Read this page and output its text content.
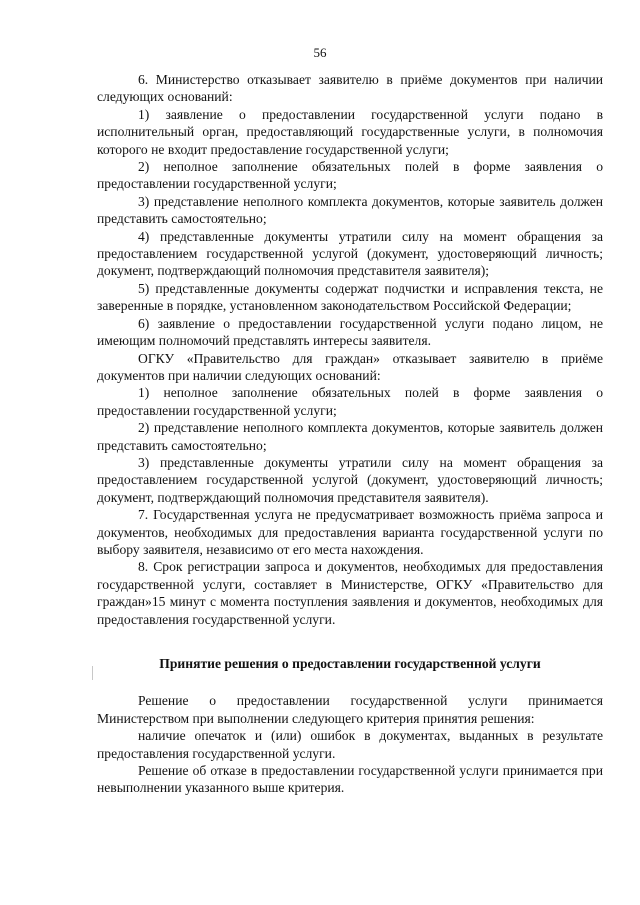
56

6. Министерство отказывает заявителю в приёме документов при наличии следующих оснований:

1) заявление о предоставлении государственной услуги подано в исполнительный орган, предоставляющий государственные услуги, в полномочия которого не входит предоставление государственной услуги;

2) неполное заполнение обязательных полей в форме заявления о предоставлении государственной услуги;

3) представление неполного комплекта документов, которые заявитель должен представить самостоятельно;

4) представленные документы утратили силу на момент обращения за предоставлением государственной услугой (документ, удостоверяющий личность; документ, подтверждающий полномочия представителя заявителя);

5) представленные документы содержат подчистки и исправления текста, не заверенные в порядке, установленном законодательством Российской Федерации;

6) заявление о предоставлении государственной услуги подано лицом, не имеющим полномочий представлять интересы заявителя.

ОГКУ «Правительство для граждан» отказывает заявителю в приёме документов при наличии следующих оснований:

1) неполное заполнение обязательных полей в форме заявления о предоставлении государственной услуги;

2) представление неполного комплекта документов, которые заявитель должен представить самостоятельно;

3) представленные документы утратили силу на момент обращения за предоставлением государственной услугой (документ, удостоверяющий личность; документ, подтверждающий полномочия представителя заявителя).

7. Государственная услуга не предусматривает возможность приёма запроса и документов, необходимых для предоставления варианта государственной услуги по выбору заявителя, независимо от его места нахождения.

8. Срок регистрации запроса и документов, необходимых для предоставления государственной услуги, составляет в Министерстве, ОГКУ «Правительство для граждан»15 минут с момента поступления заявления и документов, необходимых для предоставления государственной услуги.

Принятие решения о предоставлении государственной услуги

Решение о предоставлении государственной услуги принимается Министерством при выполнении следующего критерия принятия решения:

наличие опечаток и (или) ошибок в документах, выданных в результате предоставления государственной услуги.

Решение об отказе в предоставлении государственной услуги принимается при невыполнении указанного выше критерия.
